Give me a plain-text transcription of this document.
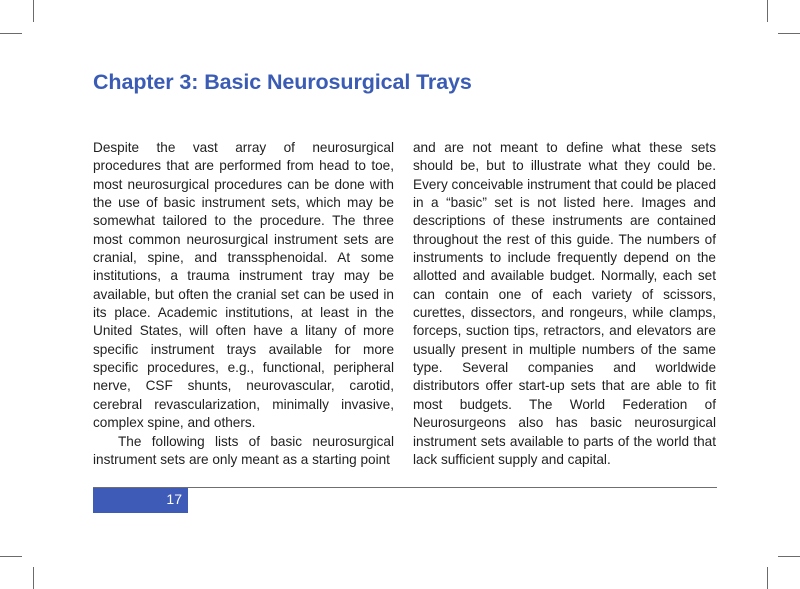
Chapter 3: Basic Neurosurgical Trays

Despite the vast array of neurosurgical procedures that are performed from head to toe, most neurosurgical procedures can be done with the use of basic instrument sets, which may be somewhat tailored to the procedure. The three most common neurosurgical instrument sets are cranial, spine, and transsphenoidal. At some institutions, a trauma instrument tray may be available, but often the cranial set can be used in its place. Academic institutions, at least in the United States, will often have a litany of more specific instrument trays available for more specific procedures, e.g., functional, peripheral nerve, CSF shunts, neurovascular, carotid, cerebral revascularization, minimally invasive, complex spine, and others.

The following lists of basic neurosurgical instrument sets are only meant as a starting point

and are not meant to define what these sets should be, but to illustrate what they could be. Every conceivable instrument that could be placed in a “basic” set is not listed here. Images and descriptions of these instruments are contained throughout the rest of this guide. The numbers of instruments to include frequently depend on the allotted and available budget. Normally, each set can contain one of each variety of scissors, curettes, dissectors, and rongeurs, while clamps, forceps, suction tips, retractors, and elevators are usually present in multiple numbers of the same type. Several companies and worldwide distributors offer start-up sets that are able to fit most budgets. The World Federation of Neurosurgeons also has basic neurosurgical instrument sets available to parts of the world that lack sufficient supply and capital.

17
